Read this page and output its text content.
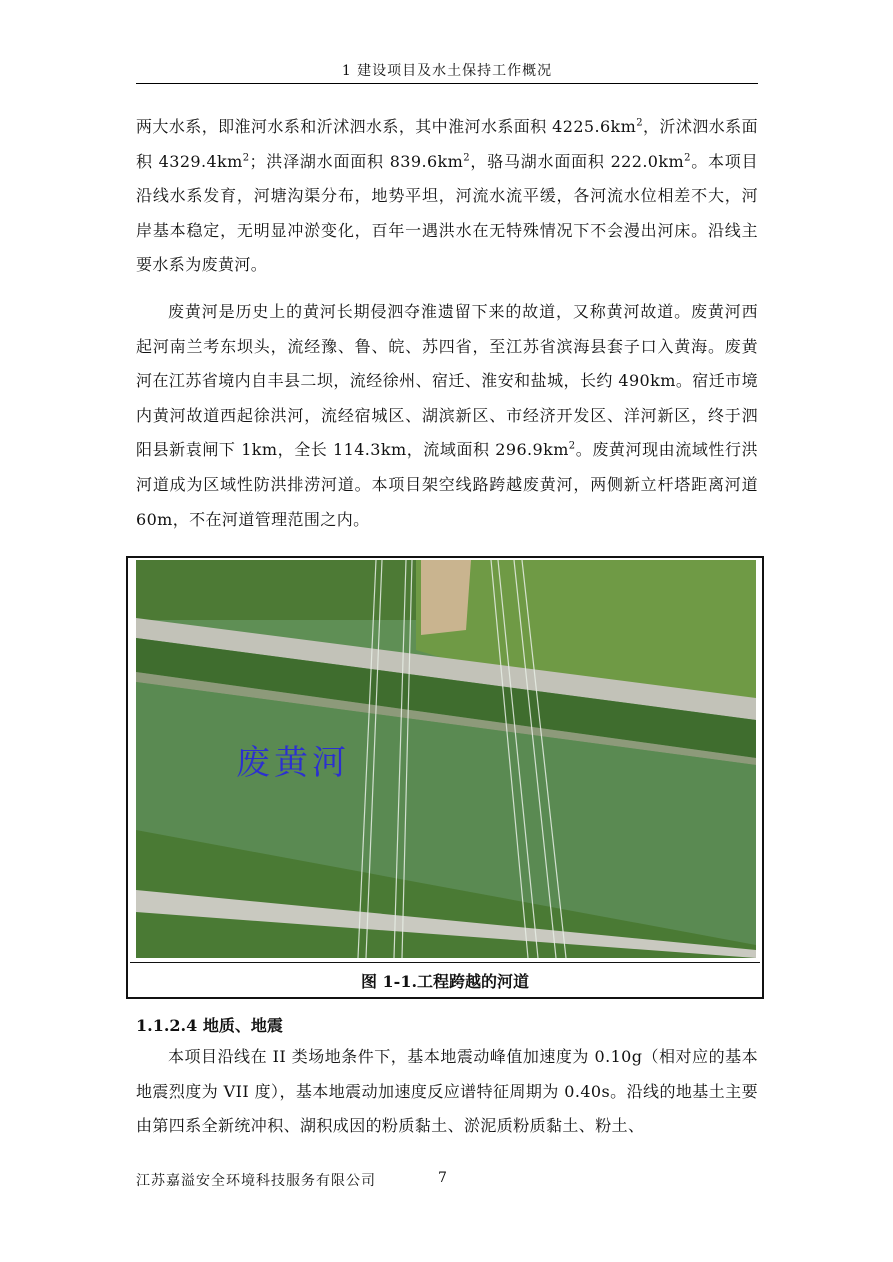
1 建设项目及水土保持工作概况

两大水系，即淮河水系和沂沭泗水系，其中淮河水系面积 $4225.6km^2$，沂沭泗水系面积 $4329.4km^2$；洪泽湖水面面积 $839.6km^2$，骆马湖水面面积 $222.0km^2$。本项目沿线水系发育，河塘沟渠分布，地势平坦，河流水流平缓，各河流水位相差不大，河岸基本稳定，无明显冲淤变化，百年一遇洪水在无特殊情况下不会漫出河床。沿线主要水系为废黄河。

废黄河是历史上的黄河长期侵泗夺淮遗留下来的故道，又称黄河故道。废黄河西起河南兰考东坝头，流经豫、鲁、皖、苏四省，至江苏省滨海县套子口入黄海。废黄河在江苏省境内自丰县二坝，流经徐州、宿迁、淮安和盐城，长约 490km。宿迁市境内黄河故道西起徐洪河，流经宿城区、湖滨新区、市经济开发区、洋河新区，终于泗阳县新袁闸下 1km，全长 114.3km，流域面积 $296.9km^2$。废黄河现由流域性行洪河道成为区域性防洪排涝河道。本项目架空线路跨越废黄河，两侧新立杆塔距离河道 60m，不在河道管理范围之内。

废黄河
图 1-1.工程跨越的河道
1.1.2.4 地质、地震

本项目沿线在 II 类场地条件下，基本地震动峰值加速度为 0.10g（相对应的基本地震烈度为 VII 度），基本地震动加速度反应谱特征周期为 0.40s。沿线的地基土主要由第四系全新统冲积、湖积成因的粉质黏土、淤泥质粉质黏土、粉土、

江苏嘉溢安全环境科技服务有限公司	7
